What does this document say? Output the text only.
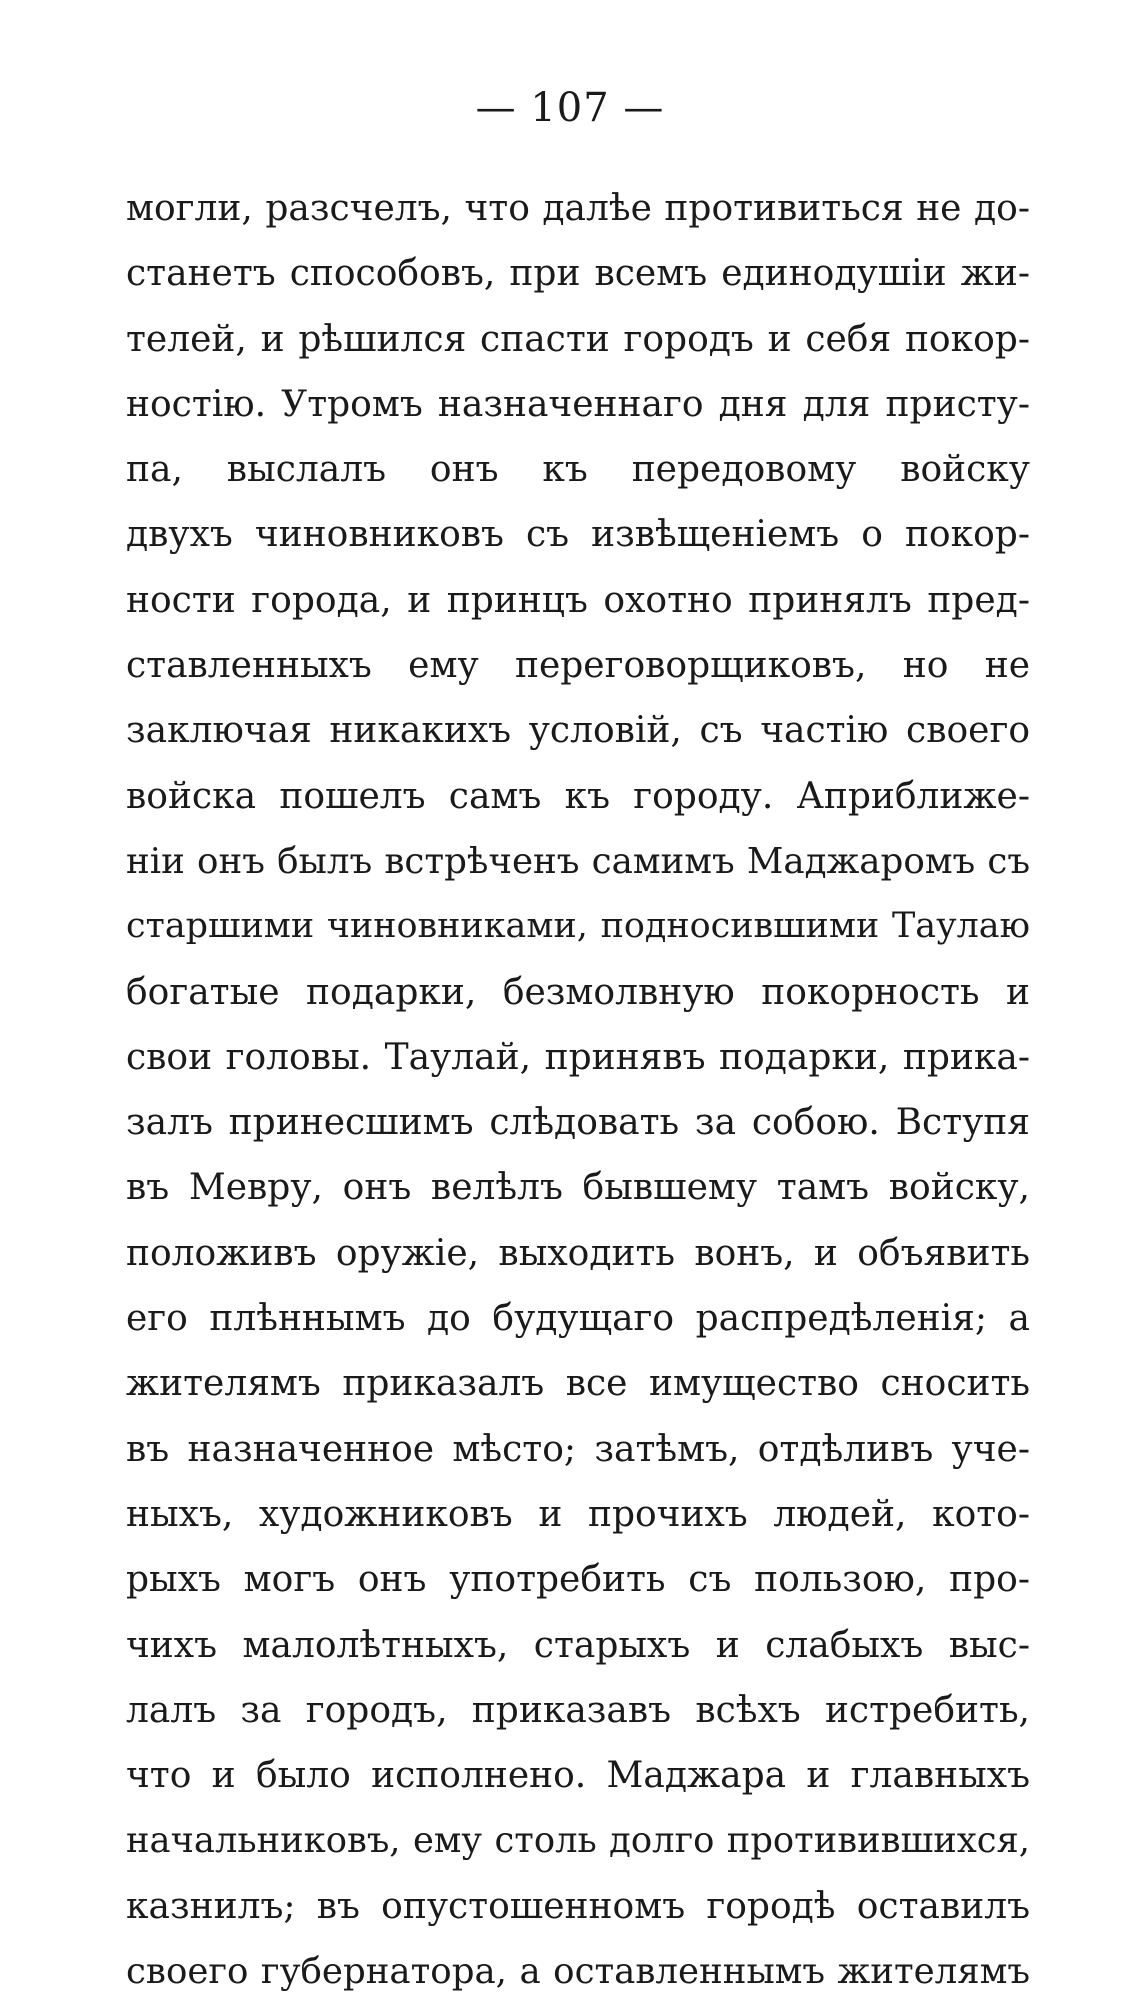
— 107 —
могли, разсчелъ, что далѣе противиться не до-
станетъ способовъ, при всемъ единодушіи жи-
телей, и рѣшился спасти городъ и себя покор-
ностію. Утромъ назначеннаго дня для присту-
па, выслалъ онъ къ передовому войску
двухъ чиновниковъ съ извѣщеніемъ о покор-
ности города, и принцъ охотно принялъ пред-
ставленныхъ ему переговорщиковъ, но не
заключая никакихъ условій, съ частію своего
войска пошелъ самъ къ городу. Априближе-
ніи онъ былъ встрѣченъ самимъ Маджаромъ съ
старшими чиновниками, подносившими Таулаю
богатые подарки, безмолвную покорность и
свои головы. Таулай, принявъ подарки, прика-
залъ принесшимъ слѣдовать за собою. Вступя
въ Мевру, онъ велѣлъ бывшему тамъ войску,
положивъ оружіе, выходить вонъ, и объявить
его плѣннымъ до будущаго распредѣленія; а
жителямъ приказалъ все имущество сносить
въ назначенное мѣсто; затѣмъ, отдѣливъ уче-
ныхъ, художниковъ и прочихъ людей, кото-
рыхъ могъ онъ употребить съ пользою, про-
чихъ малолѣтныхъ, старыхъ и слабыхъ выс-
лалъ за городъ, приказавъ всѣхъ истребить,
что и было исполнено. Маджара и главныхъ
начальниковъ, ему столь долго противившихся,
казнилъ; въ опустошенномъ городѣ оставилъ
своего губернатора, а оставленнымъ жителямъ
